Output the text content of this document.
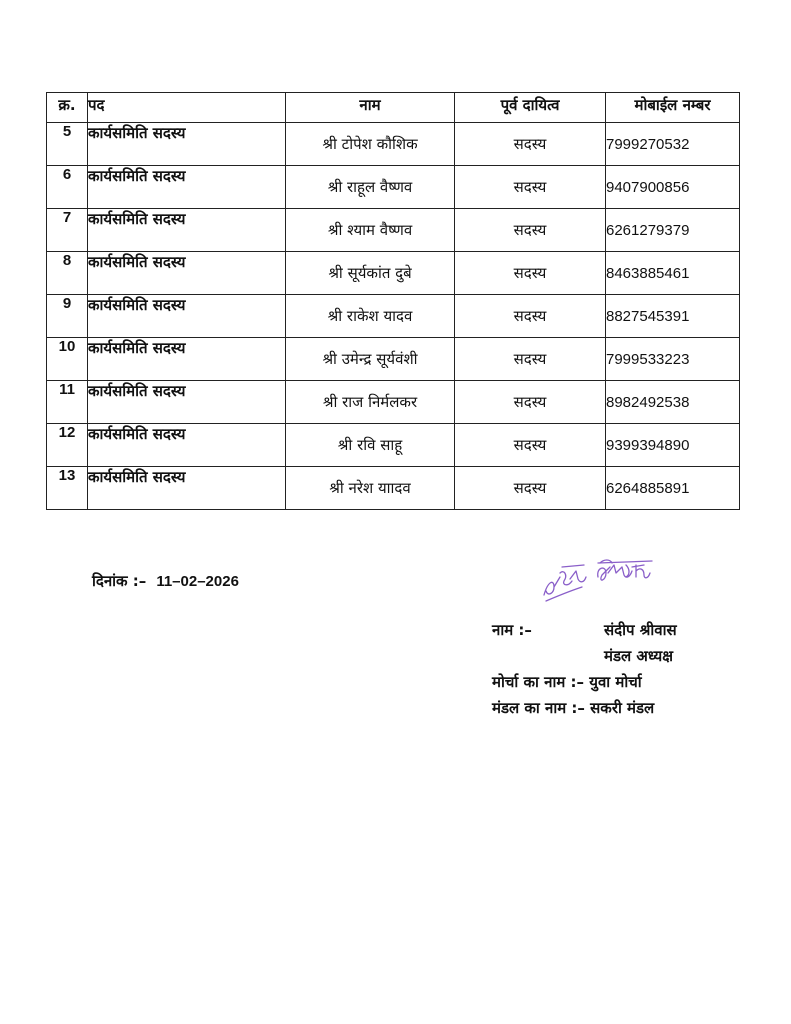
क्र.	पद	नाम	पूर्व दायित्व	मोबाईल नम्बर
5	कार्यसमिति सदस्य	श्री टोपेश कौशिक	सदस्य	7999270532
6	कार्यसमिति सदस्य	श्री राहूल वैष्णव	सदस्य	9407900856
7	कार्यसमिति सदस्य	श्री श्याम वैष्णव	सदस्य	6261279379
8	कार्यसमिति सदस्य	श्री सूर्यकांत दुबे	सदस्य	8463885461
9	कार्यसमिति सदस्य	श्री राकेश यादव	सदस्य	8827545391
10	कार्यसमिति सदस्य	श्री उमेन्द्र सूर्यवंशी	सदस्य	7999533223
11	कार्यसमिति सदस्य	श्री राज निर्मलकर	सदस्य	8982492538
12	कार्यसमिति सदस्य	श्री रवि साहू	सदस्य	9399394890
13	कार्यसमिति सदस्य	श्री नरेश याादव	सदस्य	6264885891
दिनांक :– 11–02–2026
नाम :–	संदीप श्रीवास
मंडल अध्यक्ष
मोर्चा का नाम :– युवा मोर्चा
मंडल का नाम :– सकरी मंडल
